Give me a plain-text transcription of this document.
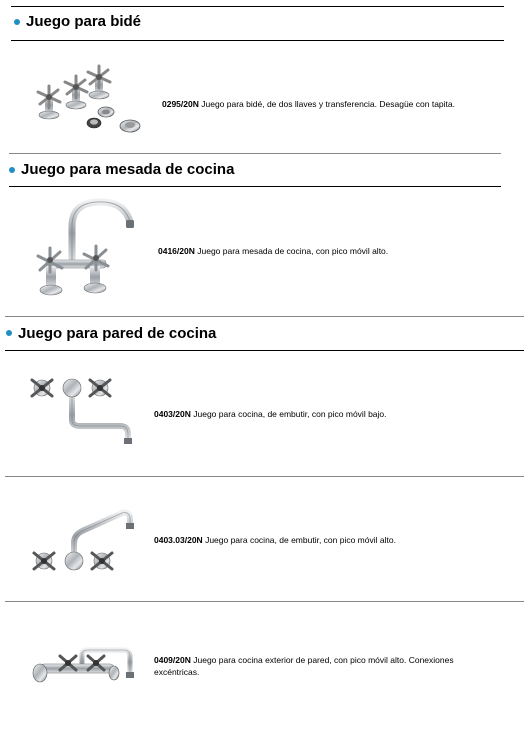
Juego para bidé
0295/20N Juego para bidé, de dos llaves y transferencia. Desagüe con tapita.
Juego para mesada de cocina
0416/20N Juego para mesada de cocina, con pico móvil alto.
Juego para pared de cocina
0403/20N Juego para cocina, de embutir, con pico móvil bajo.
0403.03/20N Juego para cocina, de embutir, con pico móvil alto.
0409/20N Juego para cocina exterior de pared, con pico móvil alto. Conexiones excéntricas.
